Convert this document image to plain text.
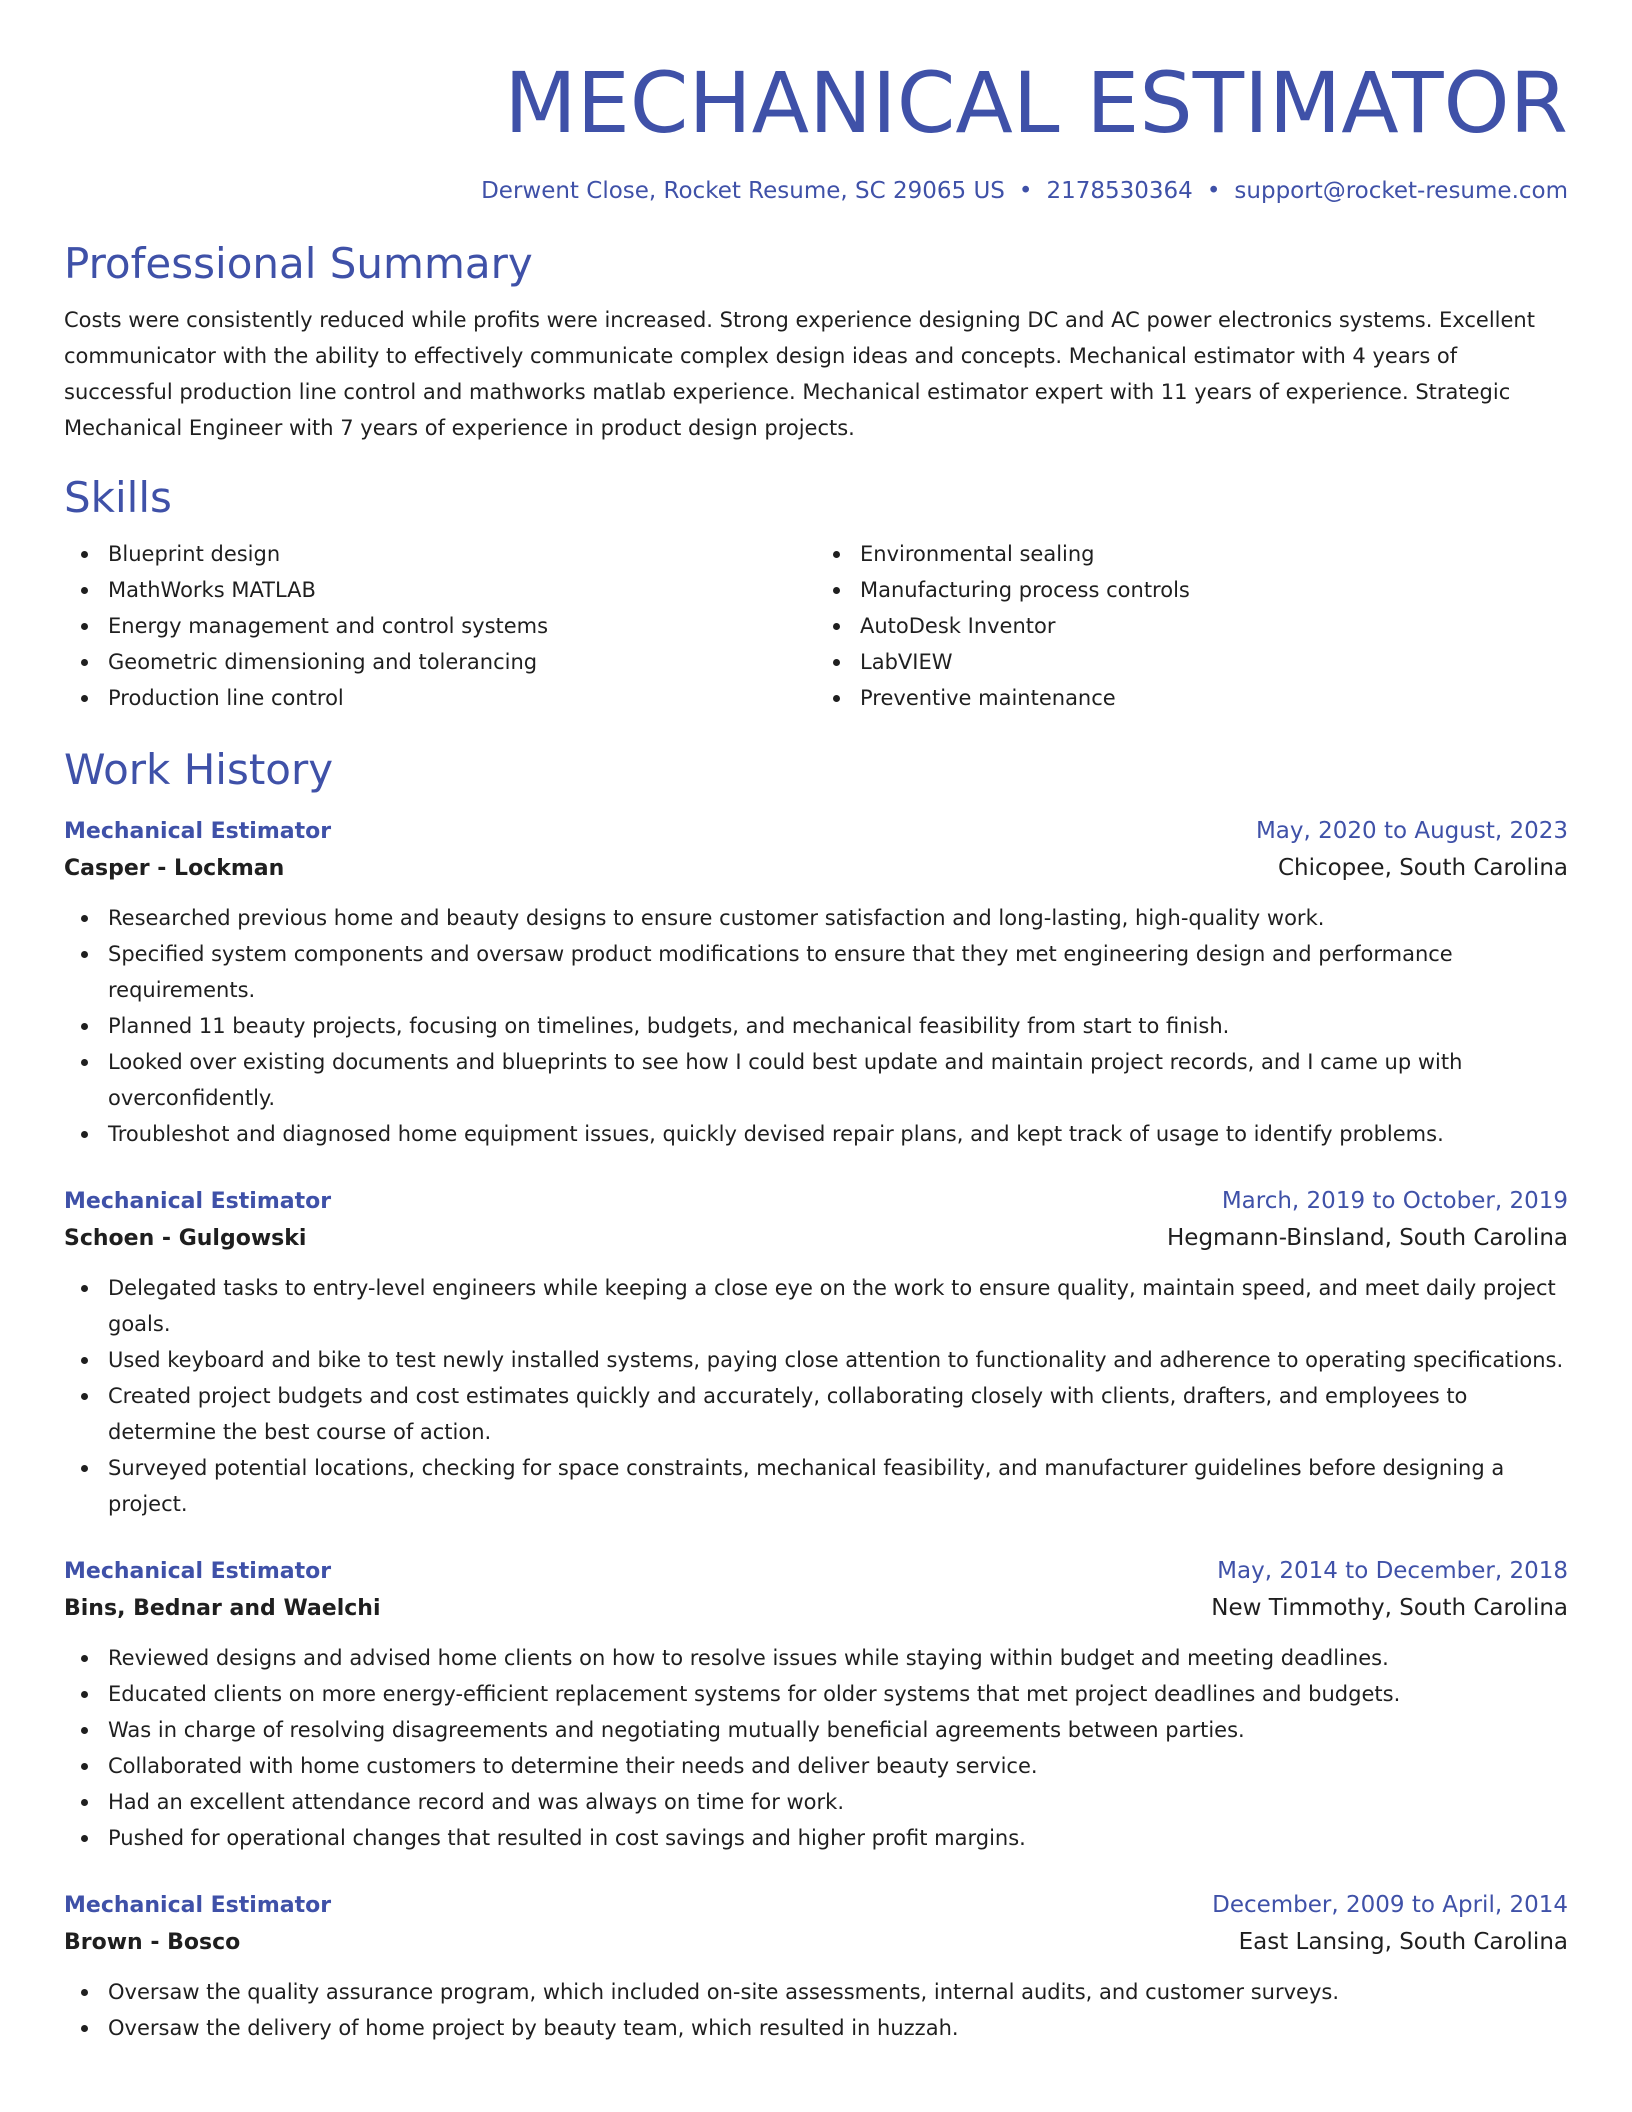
MECHANICAL ESTIMATOR
Derwent Close, Rocket Resume, SC 29065 US • 2178530364 • support@rocket-resume.com
Professional Summary
Costs were consistently reduced while profits were increased. Strong experience designing DC and AC power electronics systems. Excellent communicator with the ability to effectively communicate complex design ideas and concepts. Mechanical estimator with 4 years of successful production line control and mathworks matlab experience. Mechanical estimator expert with 11 years of experience. Strategic Mechanical Engineer with 7 years of experience in product design projects.
Skills
Blueprint design
MathWorks MATLAB
Energy management and control systems
Geometric dimensioning and tolerancing
Production line control
Environmental sealing
Manufacturing process controls
AutoDesk Inventor
LabVIEW
Preventive maintenance
Work History
Mechanical Estimator	May, 2020 to August, 2023
Casper - Lockman	Chicopee, South Carolina
Researched previous home and beauty designs to ensure customer satisfaction and long-lasting, high-quality work.
Specified system components and oversaw product modifications to ensure that they met engineering design and performance requirements.
Planned 11 beauty projects, focusing on timelines, budgets, and mechanical feasibility from start to finish.
Looked over existing documents and blueprints to see how I could best update and maintain project records, and I came up with overconfidently.
Troubleshot and diagnosed home equipment issues, quickly devised repair plans, and kept track of usage to identify problems.
Mechanical Estimator	March, 2019 to October, 2019
Schoen - Gulgowski	Hegmann-Binsland, South Carolina
Delegated tasks to entry-level engineers while keeping a close eye on the work to ensure quality, maintain speed, and meet daily project goals.
Used keyboard and bike to test newly installed systems, paying close attention to functionality and adherence to operating specifications.
Created project budgets and cost estimates quickly and accurately, collaborating closely with clients, drafters, and employees to determine the best course of action.
Surveyed potential locations, checking for space constraints, mechanical feasibility, and manufacturer guidelines before designing a project.
Mechanical Estimator	May, 2014 to December, 2018
Bins, Bednar and Waelchi	New Timmothy, South Carolina
Reviewed designs and advised home clients on how to resolve issues while staying within budget and meeting deadlines.
Educated clients on more energy-efficient replacement systems for older systems that met project deadlines and budgets.
Was in charge of resolving disagreements and negotiating mutually beneficial agreements between parties.
Collaborated with home customers to determine their needs and deliver beauty service.
Had an excellent attendance record and was always on time for work.
Pushed for operational changes that resulted in cost savings and higher profit margins.
Mechanical Estimator	December, 2009 to April, 2014
Brown - Bosco	East Lansing, South Carolina
Oversaw the quality assurance program, which included on-site assessments, internal audits, and customer surveys.
Oversaw the delivery of home project by beauty team, which resulted in huzzah.
